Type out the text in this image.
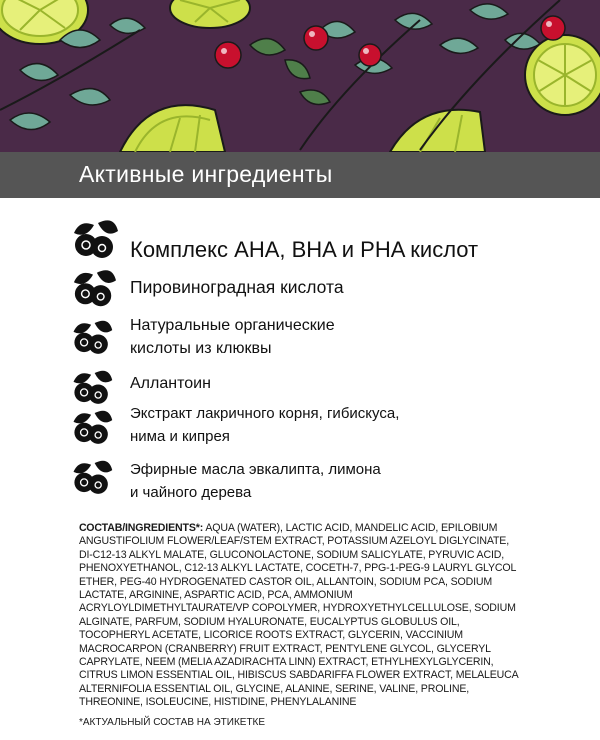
Активные ингредиенты
Комплекс AHA, BHA и PHA кислот
Пировиноградная кислота
Натуральные органические
кислоты из клюквы
Аллантоин
Экстракт лакричного корня, гибискуса,
нима и кипрея
Эфирные масла эвкалипта, лимона
и чайного дерева
СОСТАВ/INGREDIENTS*: AQUA (WATER), LACTIC ACID, MANDELIC ACID, EPILOBIUM ANGUSTIFOLIUM FLOWER/LEAF/STEM EXTRACT, POTASSIUM AZELOYL DIGLYCINATE, DI-C12-13 ALKYL MALATE, GLUCONOLACTONE, SODIUM SALICYLATE, PYRUVIC ACID, PHENOXYETHANOL, C12-13 ALKYL LACTATE, COCETH-7, PPG-1-PEG-9 LAURYL GLYCOL ETHER, PEG-40 HYDROGENATED CASTOR OIL, ALLANTOIN, SODIUM PCA, SODIUM LACTATE, ARGININE, ASPARTIC ACID, PCA, AMMONIUM ACRYLOYLDIMETHYLTAURATE/VP COPOLYMER, HYDROXYETHYLCELLULOSE, SODIUM ALGINATE, PARFUM, SODIUM HYALURONATE, EUCALYPTUS GLOBULUS OIL, TOCOPHERYL ACETATE, LICORICE ROOTS EXTRACT, GLYCERIN, VACCINIUM MACROCARPON (CRANBERRY) FRUIT EXTRACT, PENTYLENE GLYCOL, GLYCERYL CAPRYLATE, NEEM (MELIA AZADIRACHTA LINN) EXTRACT, ETHYLHEXYLGLYCERIN, CITRUS LIMON ESSENTIAL OIL, HIBISCUS SABDARIFFA FLOWER EXTRACT, MELALEUCA ALTERNIFOLIA ESSENTIAL OIL, GLYCINE, ALANINE, SERINE, VALINE, PROLINE, THREONINE, ISOLEUCINE, HISTIDINE, PHENYLALANINE
*АКТУАЛЬНЫЙ СОСТАВ НА ЭТИКЕТКЕ
